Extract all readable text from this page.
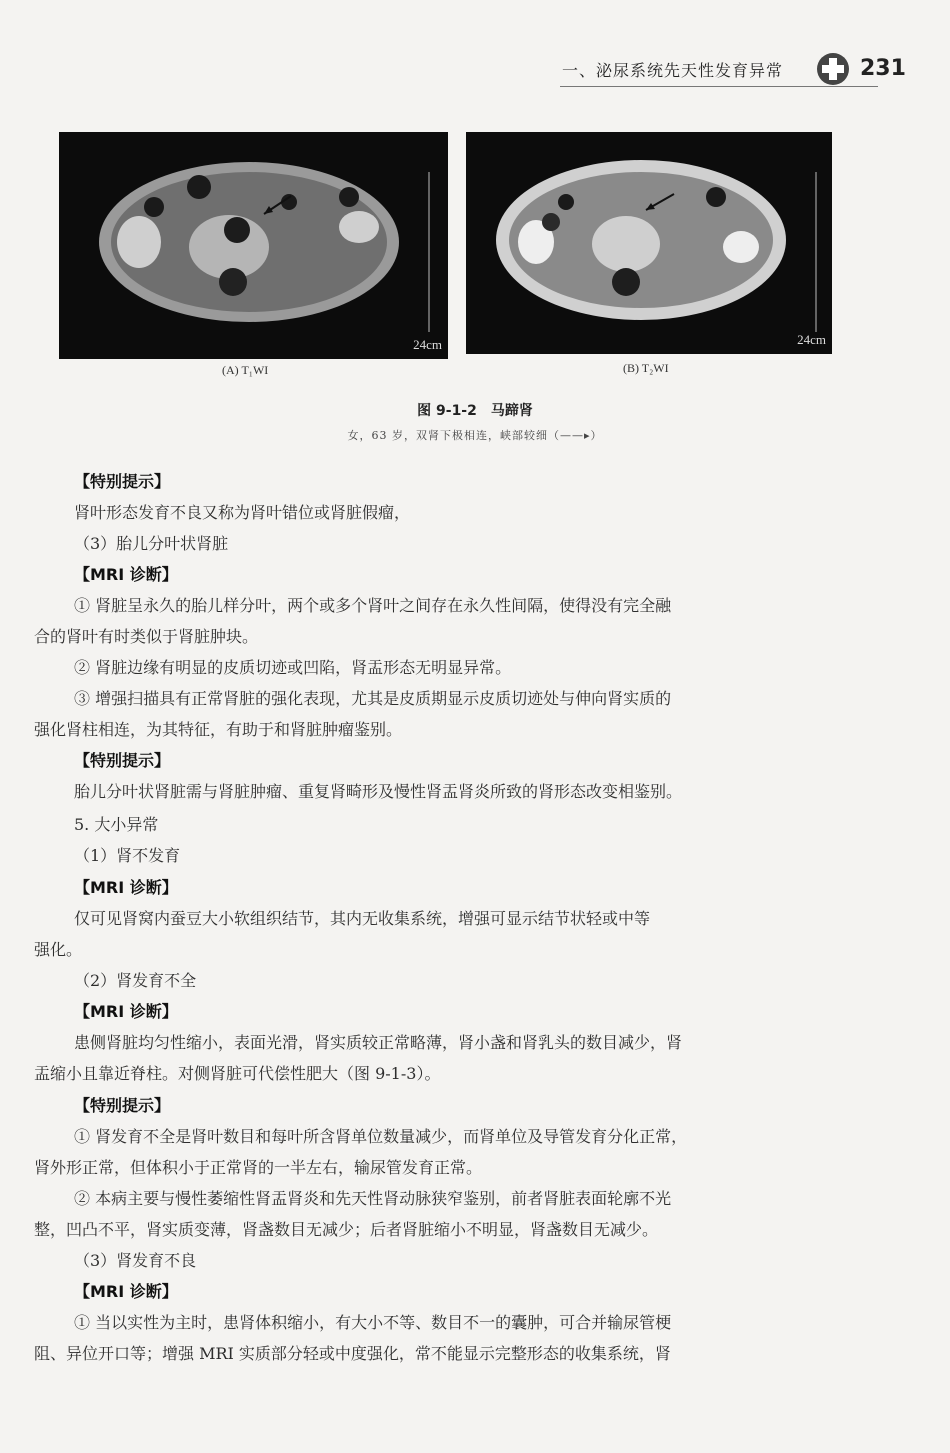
一、泌尿系统先天性发育异常	231
24cm	24cm
(A) T₁WI	(B) T₂WI
图 9-1-2　马蹄肾
女，63 岁，双肾下极相连，峡部较细（——▸）
【特别提示】
肾叶形态发育不良又称为肾叶错位或肾脏假瘤，
（3）胎儿分叶状肾脏
【MRI 诊断】
① 肾脏呈永久的胎儿样分叶，两个或多个肾叶之间存在永久性间隔，使得没有完全融
合的肾叶有时类似于肾脏肿块。
② 肾脏边缘有明显的皮质切迹或凹陷，肾盂形态无明显异常。
③ 增强扫描具有正常肾脏的强化表现，尤其是皮质期显示皮质切迹处与伸向肾实质的
强化肾柱相连，为其特征，有助于和肾脏肿瘤鉴别。
【特别提示】
胎儿分叶状肾脏需与肾脏肿瘤、重复肾畸形及慢性肾盂肾炎所致的肾形态改变相鉴别。
5. 大小异常
（1）肾不发育
【MRI 诊断】
仅可见肾窝内蚕豆大小软组织结节，其内无收集系统，增强可显示结节状轻或中等
强化。
（2）肾发育不全
【MRI 诊断】
患侧肾脏均匀性缩小，表面光滑，肾实质较正常略薄，肾小盏和肾乳头的数目减少，肾
盂缩小且靠近脊柱。对侧肾脏可代偿性肥大（图 9-1-3）。
【特别提示】
① 肾发育不全是肾叶数目和每叶所含肾单位数量减少，而肾单位及导管发育分化正常，
肾外形正常，但体积小于正常肾的一半左右，输尿管发育正常。
② 本病主要与慢性萎缩性肾盂肾炎和先天性肾动脉狭窄鉴别，前者肾脏表面轮廓不光
整，凹凸不平，肾实质变薄，肾盏数目无减少；后者肾脏缩小不明显，肾盏数目无减少。
（3）肾发育不良
【MRI 诊断】
① 当以实性为主时，患肾体积缩小，有大小不等、数目不一的囊肿，可合并输尿管梗
阻、异位开口等；增强 MRI 实质部分轻或中度强化，常不能显示完整形态的收集系统，肾
